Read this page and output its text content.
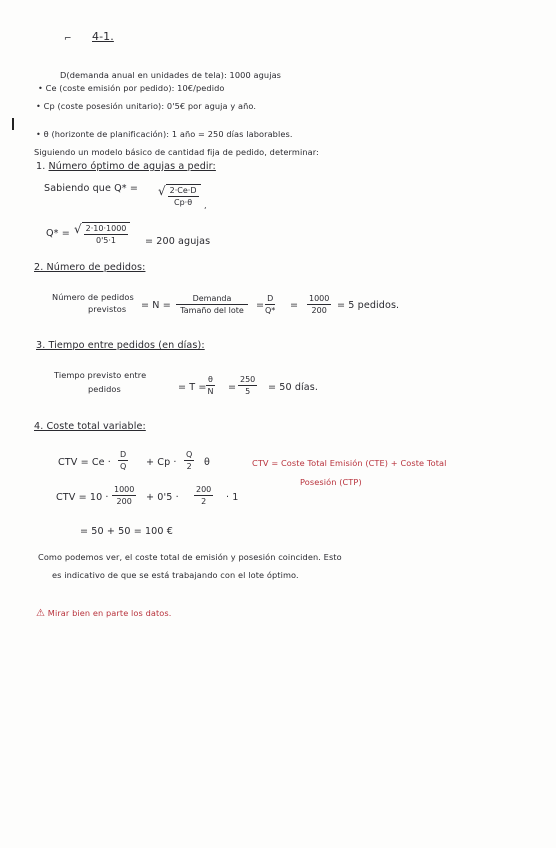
4-1.
⌐
D(demanda anual en unidades de tela): 1000 agujas
• Ce (coste emisión por pedido): 10€/pedido
• Cp (coste posesión unitario): 0'5€ por aguja y año.
• θ (horizonte de planificación): 1 año = 250 días laborables.
Siguiendo un modelo básico de cantidad fija de pedido, determinar:
1. Número óptimo de agujas a pedir:
Sabiendo que Q* = √ $\frac{2\cdot Ce\cdot D}{Cp\cdot\theta}$ ,
Q* = √ $\frac{2\cdot 10\cdot 1000}{0'5\cdot 1} = 200$ agujas
2. Número de pedidos:
Número de pedidos
previstos = N =
Demanda
Tamaño del lote	= $\frac{D}{Q*} = \frac{1000}{200} = 5$ pedidos.
3. Tiempo entre pedidos (en días):
Tiempo previsto entre
pedidos	= $T = \frac{\theta}{N} = \frac{250}{5} = 50$ días.
4. Coste total variable:
CTV = $Ce \cdot \frac{D}{Q} + Cp \cdot \frac{Q}{2}$ θ	CTV = Coste Total Emisión (CTE) + Coste Total
Posesión (CTP)
CTV = $10 \cdot \frac{1000}{200} + 0'5 \cdot \frac{200}{2} \cdot 1$
= 50 + 50 = 100 €
Como podemos ver, el coste total de emisión y posesión coinciden. Esto
es indicativo de que se está trabajando con el lote óptimo.
⚠ Mirar bien en parte los datos.
